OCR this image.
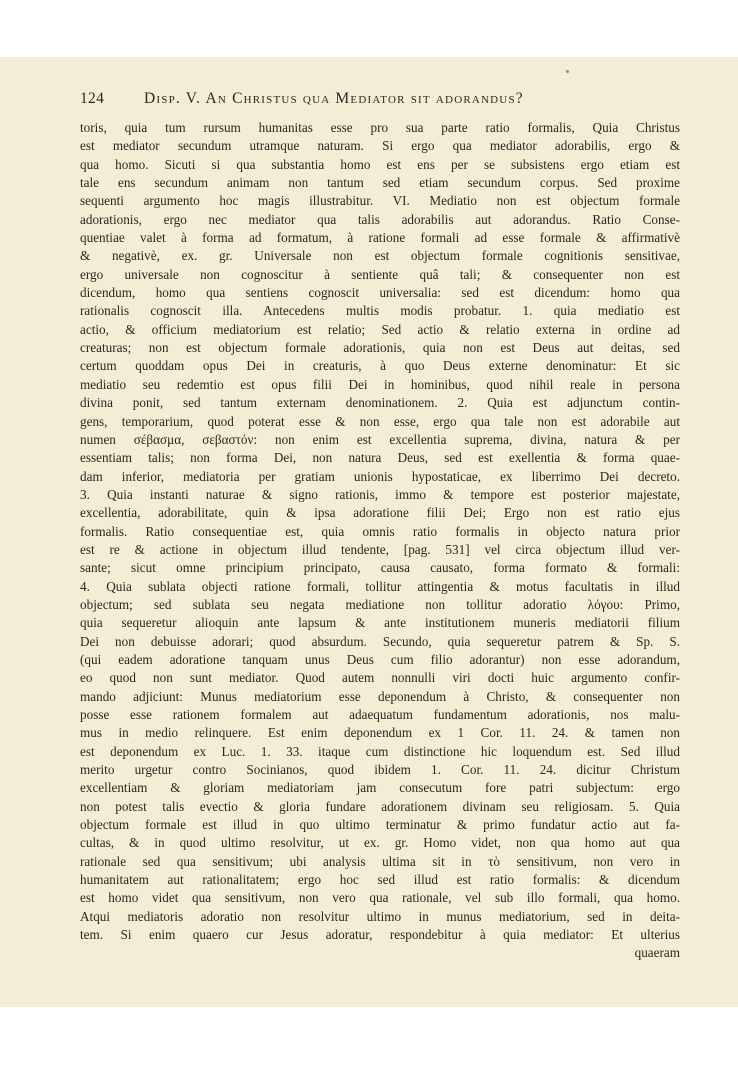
124	Disp. V. An Christus qua Mediator sit adorandus?
toris, quia tum rursum humanitas esse pro sua parte ratio formalis, Quia Christus
est mediator secundum utramque naturam. Si ergo qua mediator adorabilis, ergo &
qua homo. Sicuti si qua substantia homo est ens per se subsistens ergo etiam est
tale ens secundum animam non tantum sed etiam secundum corpus. Sed proxime
sequenti argumento hoc magis illustrabitur. VI. Mediatio non est objectum formale
adorationis, ergo nec mediator qua talis adorabilis aut adorandus. Ratio Conse-
quentiae valet à forma ad formatum, à ratione formali ad esse formale & affirmativè
& negativè, ex. gr. Universale non est objectum formale cognitionis sensitivae,
ergo universale non cognoscitur à sentiente quâ tali; & consequenter non est
dicendum, homo qua sentiens cognoscit universalia: sed est dicendum: homo qua
rationalis cognoscit illa. Antecedens multis modis probatur. 1. quia mediatio est
actio, & officium mediatorium est relatio; Sed actio & relatio externa in ordine ad
creaturas; non est objectum formale adorationis, quia non est Deus aut deitas, sed
certum quoddam opus Dei in creaturis, à quo Deus externe denominatur: Et sic
mediatio seu redemtio est opus filii Dei in hominibus, quod nihil reale in persona
divina ponit, sed tantum externam denominationem. 2. Quia est adjunctum contin-
gens, temporarium, quod poterat esse & non esse, ergo qua tale non est adorabile aut
numen σέβασμα, σεβαστόν: non enim est excellentia suprema, divina, natura & per
essentiam talis; non forma Dei, non natura Deus, sed est exellentia & forma quae-
dam inferior, mediatoria per gratiam unionis hypostaticae, ex liberrimo Dei decreto.
3. Quia instanti naturae & signo rationis, immo & tempore est posterior majestate,
excellentia, adorabilitate, quin & ipsa adoratione filii Dei; Ergo non est ratio ejus
formalis. Ratio consequentiae est, quia omnis ratio formalis in objecto natura prior
est re & actione in objectum illud tendente, [pag. 531] vel circa objectum illud ver-
sante; sicut omne principium principato, causa causato, forma formato & formali:
4. Quia sublata objecti ratione formali, tollitur attingentia & motus facultatis in illud
objectum; sed sublata seu negata mediatione non tollitur adoratio λόγου: Primo,
quia sequeretur alioquin ante lapsum & ante institutionem muneris mediatorii filium
Dei non debuisse adorari; quod absurdum. Secundo, quia sequeretur patrem & Sp. S.
(qui eadem adoratione tanquam unus Deus cum filio adorantur) non esse adorandum,
eo quod non sunt mediator. Quod autem nonnulli viri docti huic argumento confir-
mando adjiciunt: Munus mediatorium esse deponendum à Christo, & consequenter non
posse esse rationem formalem aut adaequatum fundamentum adorationis, nos malu-
mus in medio relinquere. Est enim deponendum ex 1 Cor. 11. 24. & tamen non
est deponendum ex Luc. 1. 33. itaque cum distinctione hic loquendum est. Sed illud
merito urgetur contro Socinianos, quod ibidem 1. Cor. 11. 24. dicitur Christum
excellentiam & gloriam mediatoriam jam consecutum fore patri subjectum: ergo
non potest talis evectio & gloria fundare adorationem divinam seu religiosam. 5. Quia
objectum formale est illud in quo ultimo terminatur & primo fundatur actio aut fa-
cultas, & in quod ultimo resolvitur, ut ex. gr. Homo videt, non qua homo aut qua
rationale sed qua sensitivum; ubi analysis ultima sit in τὸ sensitivum, non vero in
humanitatem aut rationalitatem; ergo hoc sed illud est ratio formalis: & dicendum
est homo videt qua sensitivum, non vero qua rationale, vel sub illo formali, qua homo.
Atqui mediatoris adoratio non resolvitur ultimo in munus mediatorium, sed in deita-
tem. Si enim quaero cur Jesus adoratur, respondebitur à quia mediator: Et ulterius
quaeram
